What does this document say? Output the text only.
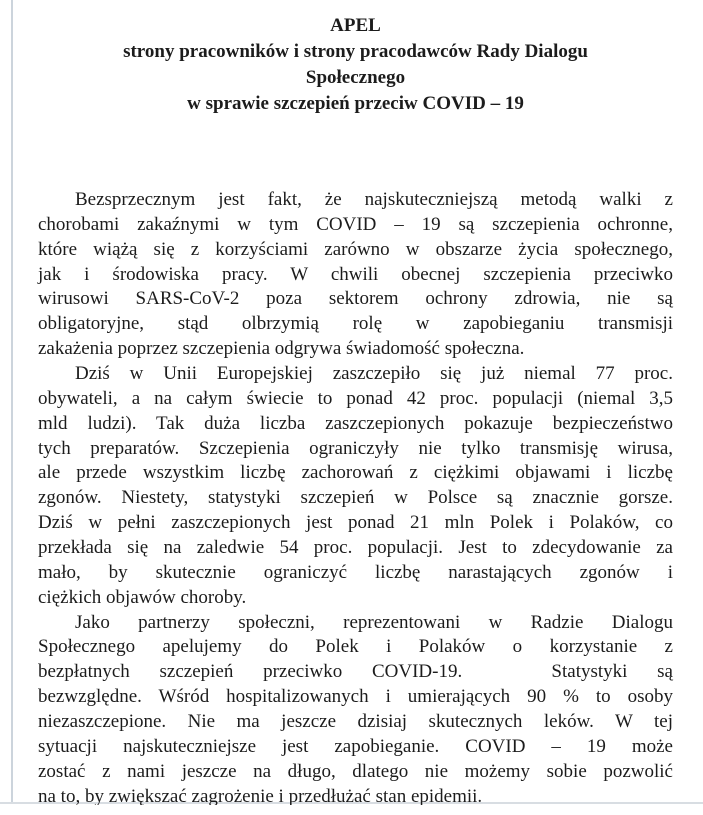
APEL
strony pracowników i strony pracodawców Rady Dialogu
Społecznego
w sprawie szczepień przeciw COVID – 19
Bezsprzecznym jest fakt, że najskuteczniejszą metodą walki z
chorobami zakaźnymi w tym COVID – 19 są szczepienia ochronne,
które wiążą się z korzyściami zarówno w obszarze życia społecznego,
jak i środowiska pracy. W chwili obecnej szczepienia przeciwko
wirusowi SARS-CoV-2 poza sektorem ochrony zdrowia, nie są
obligatoryjne, stąd olbrzymią rolę w zapobieganiu transmisji
zakażenia poprzez szczepienia odgrywa świadomość społeczna.
Dziś w Unii Europejskiej zaszczepiło się już niemal 77 proc.
obywateli, a na całym świecie to ponad 42 proc. populacji (niemal 3,5
mld ludzi). Tak duża liczba zaszczepionych pokazuje bezpieczeństwo
tych preparatów. Szczepienia ograniczyły nie tylko transmisję wirusa,
ale przede wszystkim liczbę zachorowań z ciężkimi objawami i liczbę
zgonów. Niestety, statystyki szczepień w Polsce są znacznie gorsze.
Dziś w pełni zaszczepionych jest ponad 21 mln Polek i Polaków, co
przekłada się na zaledwie 54 proc. populacji. Jest to zdecydowanie za
mało, by skutecznie ograniczyć liczbę narastających zgonów i
ciężkich objawów choroby.
Jako partnerzy społeczni, reprezentowani w Radzie Dialogu
Społecznego apelujemy do Polek i Polaków o korzystanie z
bezpłatnych szczepień przeciwko COVID-19.   Statystyki są
bezwzględne. Wśród hospitalizowanych i umierających 90 % to osoby
niezaszczepione. Nie ma jeszcze dzisiaj skutecznych leków. W tej
sytuacji najskuteczniejsze jest zapobieganie. COVID – 19 może
zostać z nami jeszcze na długo, dlatego nie możemy sobie pozwolić
na to, by zwiększać zagrożenie i przedłużać stan epidemii.
